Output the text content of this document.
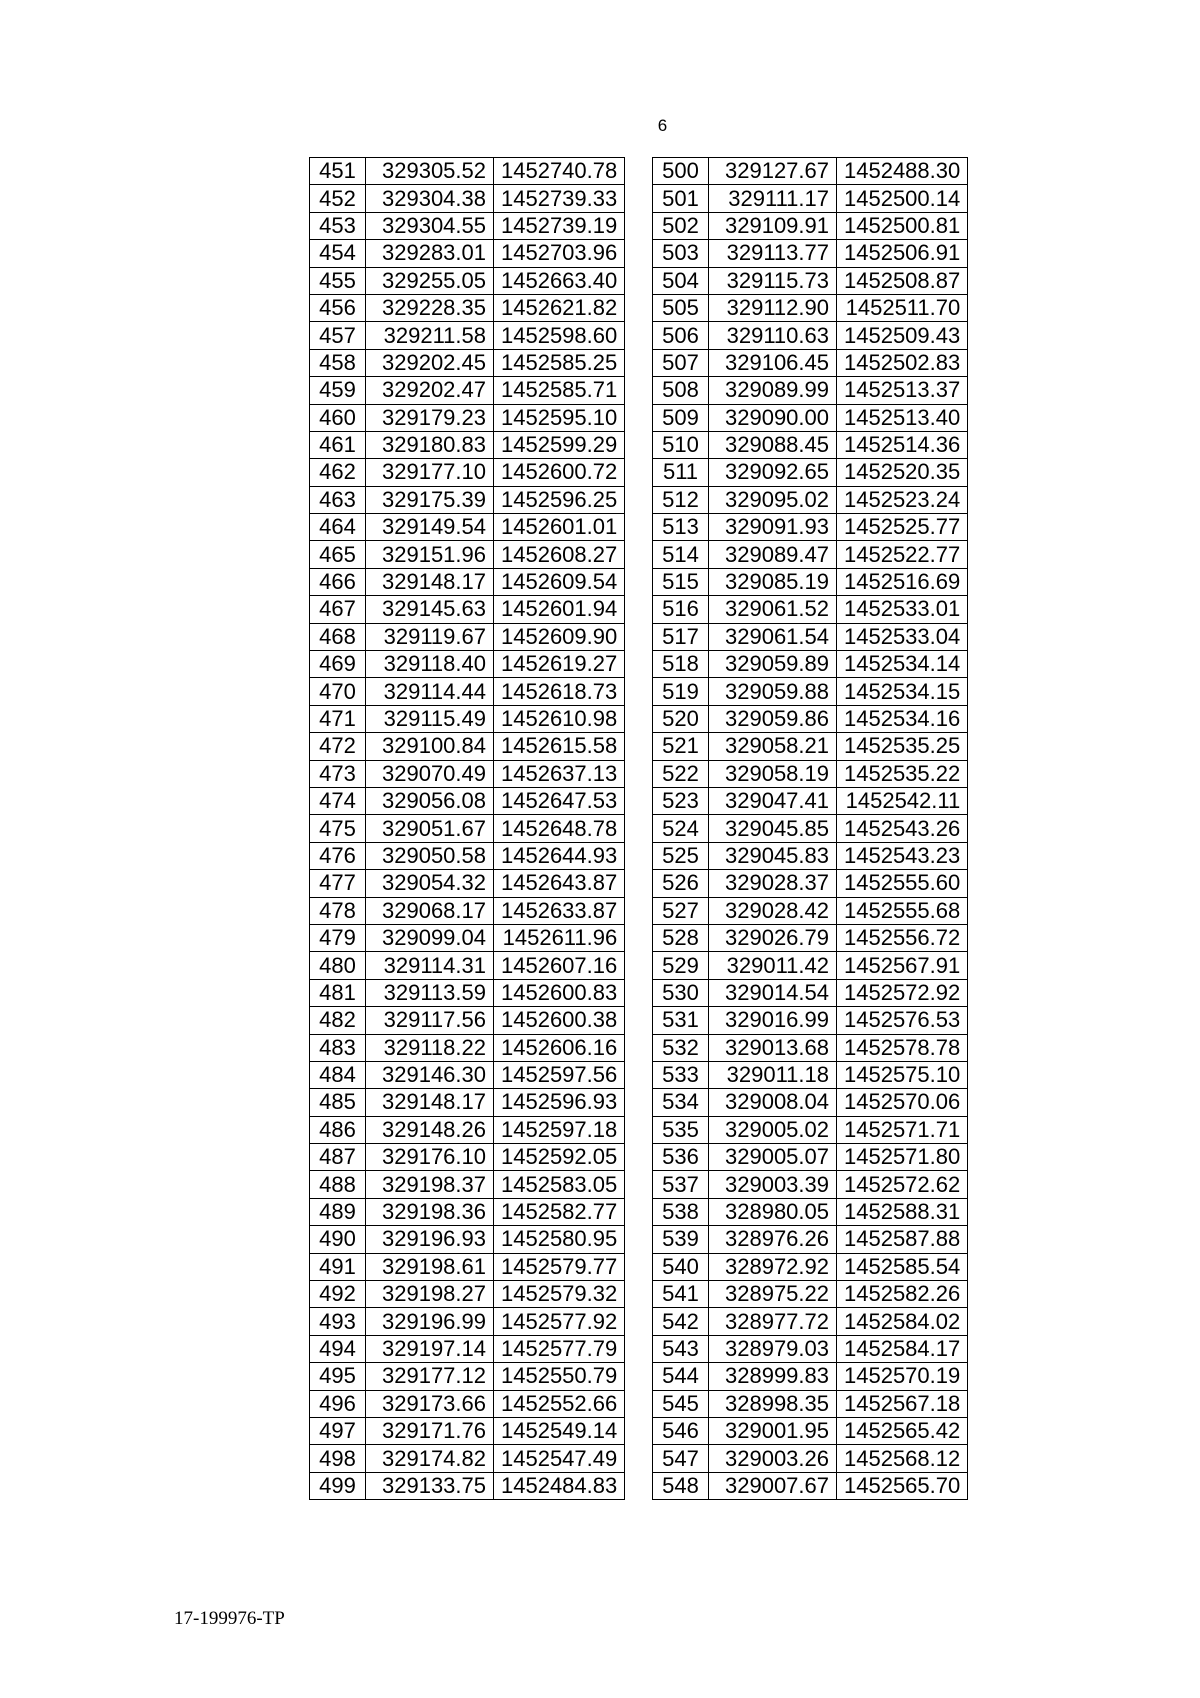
6
451	329305.52	1452740.78
452	329304.38	1452739.33
453	329304.55	1452739.19
454	329283.01	1452703.96
455	329255.05	1452663.40
456	329228.35	1452621.82
457	329211.58	1452598.60
458	329202.45	1452585.25
459	329202.47	1452585.71
460	329179.23	1452595.10
461	329180.83	1452599.29
462	329177.10	1452600.72
463	329175.39	1452596.25
464	329149.54	1452601.01
465	329151.96	1452608.27
466	329148.17	1452609.54
467	329145.63	1452601.94
468	329119.67	1452609.90
469	329118.40	1452619.27
470	329114.44	1452618.73
471	329115.49	1452610.98
472	329100.84	1452615.58
473	329070.49	1452637.13
474	329056.08	1452647.53
475	329051.67	1452648.78
476	329050.58	1452644.93
477	329054.32	1452643.87
478	329068.17	1452633.87
479	329099.04	1452611.96
480	329114.31	1452607.16
481	329113.59	1452600.83
482	329117.56	1452600.38
483	329118.22	1452606.16
484	329146.30	1452597.56
485	329148.17	1452596.93
486	329148.26	1452597.18
487	329176.10	1452592.05
488	329198.37	1452583.05
489	329198.36	1452582.77
490	329196.93	1452580.95
491	329198.61	1452579.77
492	329198.27	1452579.32
493	329196.99	1452577.92
494	329197.14	1452577.79
495	329177.12	1452550.79
496	329173.66	1452552.66
497	329171.76	1452549.14
498	329174.82	1452547.49
499	329133.75	1452484.83
500	329127.67	1452488.30
501	329111.17	1452500.14
502	329109.91	1452500.81
503	329113.77	1452506.91
504	329115.73	1452508.87
505	329112.90	1452511.70
506	329110.63	1452509.43
507	329106.45	1452502.83
508	329089.99	1452513.37
509	329090.00	1452513.40
510	329088.45	1452514.36
511	329092.65	1452520.35
512	329095.02	1452523.24
513	329091.93	1452525.77
514	329089.47	1452522.77
515	329085.19	1452516.69
516	329061.52	1452533.01
517	329061.54	1452533.04
518	329059.89	1452534.14
519	329059.88	1452534.15
520	329059.86	1452534.16
521	329058.21	1452535.25
522	329058.19	1452535.22
523	329047.41	1452542.11
524	329045.85	1452543.26
525	329045.83	1452543.23
526	329028.37	1452555.60
527	329028.42	1452555.68
528	329026.79	1452556.72
529	329011.42	1452567.91
530	329014.54	1452572.92
531	329016.99	1452576.53
532	329013.68	1452578.78
533	329011.18	1452575.10
534	329008.04	1452570.06
535	329005.02	1452571.71
536	329005.07	1452571.80
537	329003.39	1452572.62
538	328980.05	1452588.31
539	328976.26	1452587.88
540	328972.92	1452585.54
541	328975.22	1452582.26
542	328977.72	1452584.02
543	328979.03	1452584.17
544	328999.83	1452570.19
545	328998.35	1452567.18
546	329001.95	1452565.42
547	329003.26	1452568.12
548	329007.67	1452565.70
17-199976-TP
